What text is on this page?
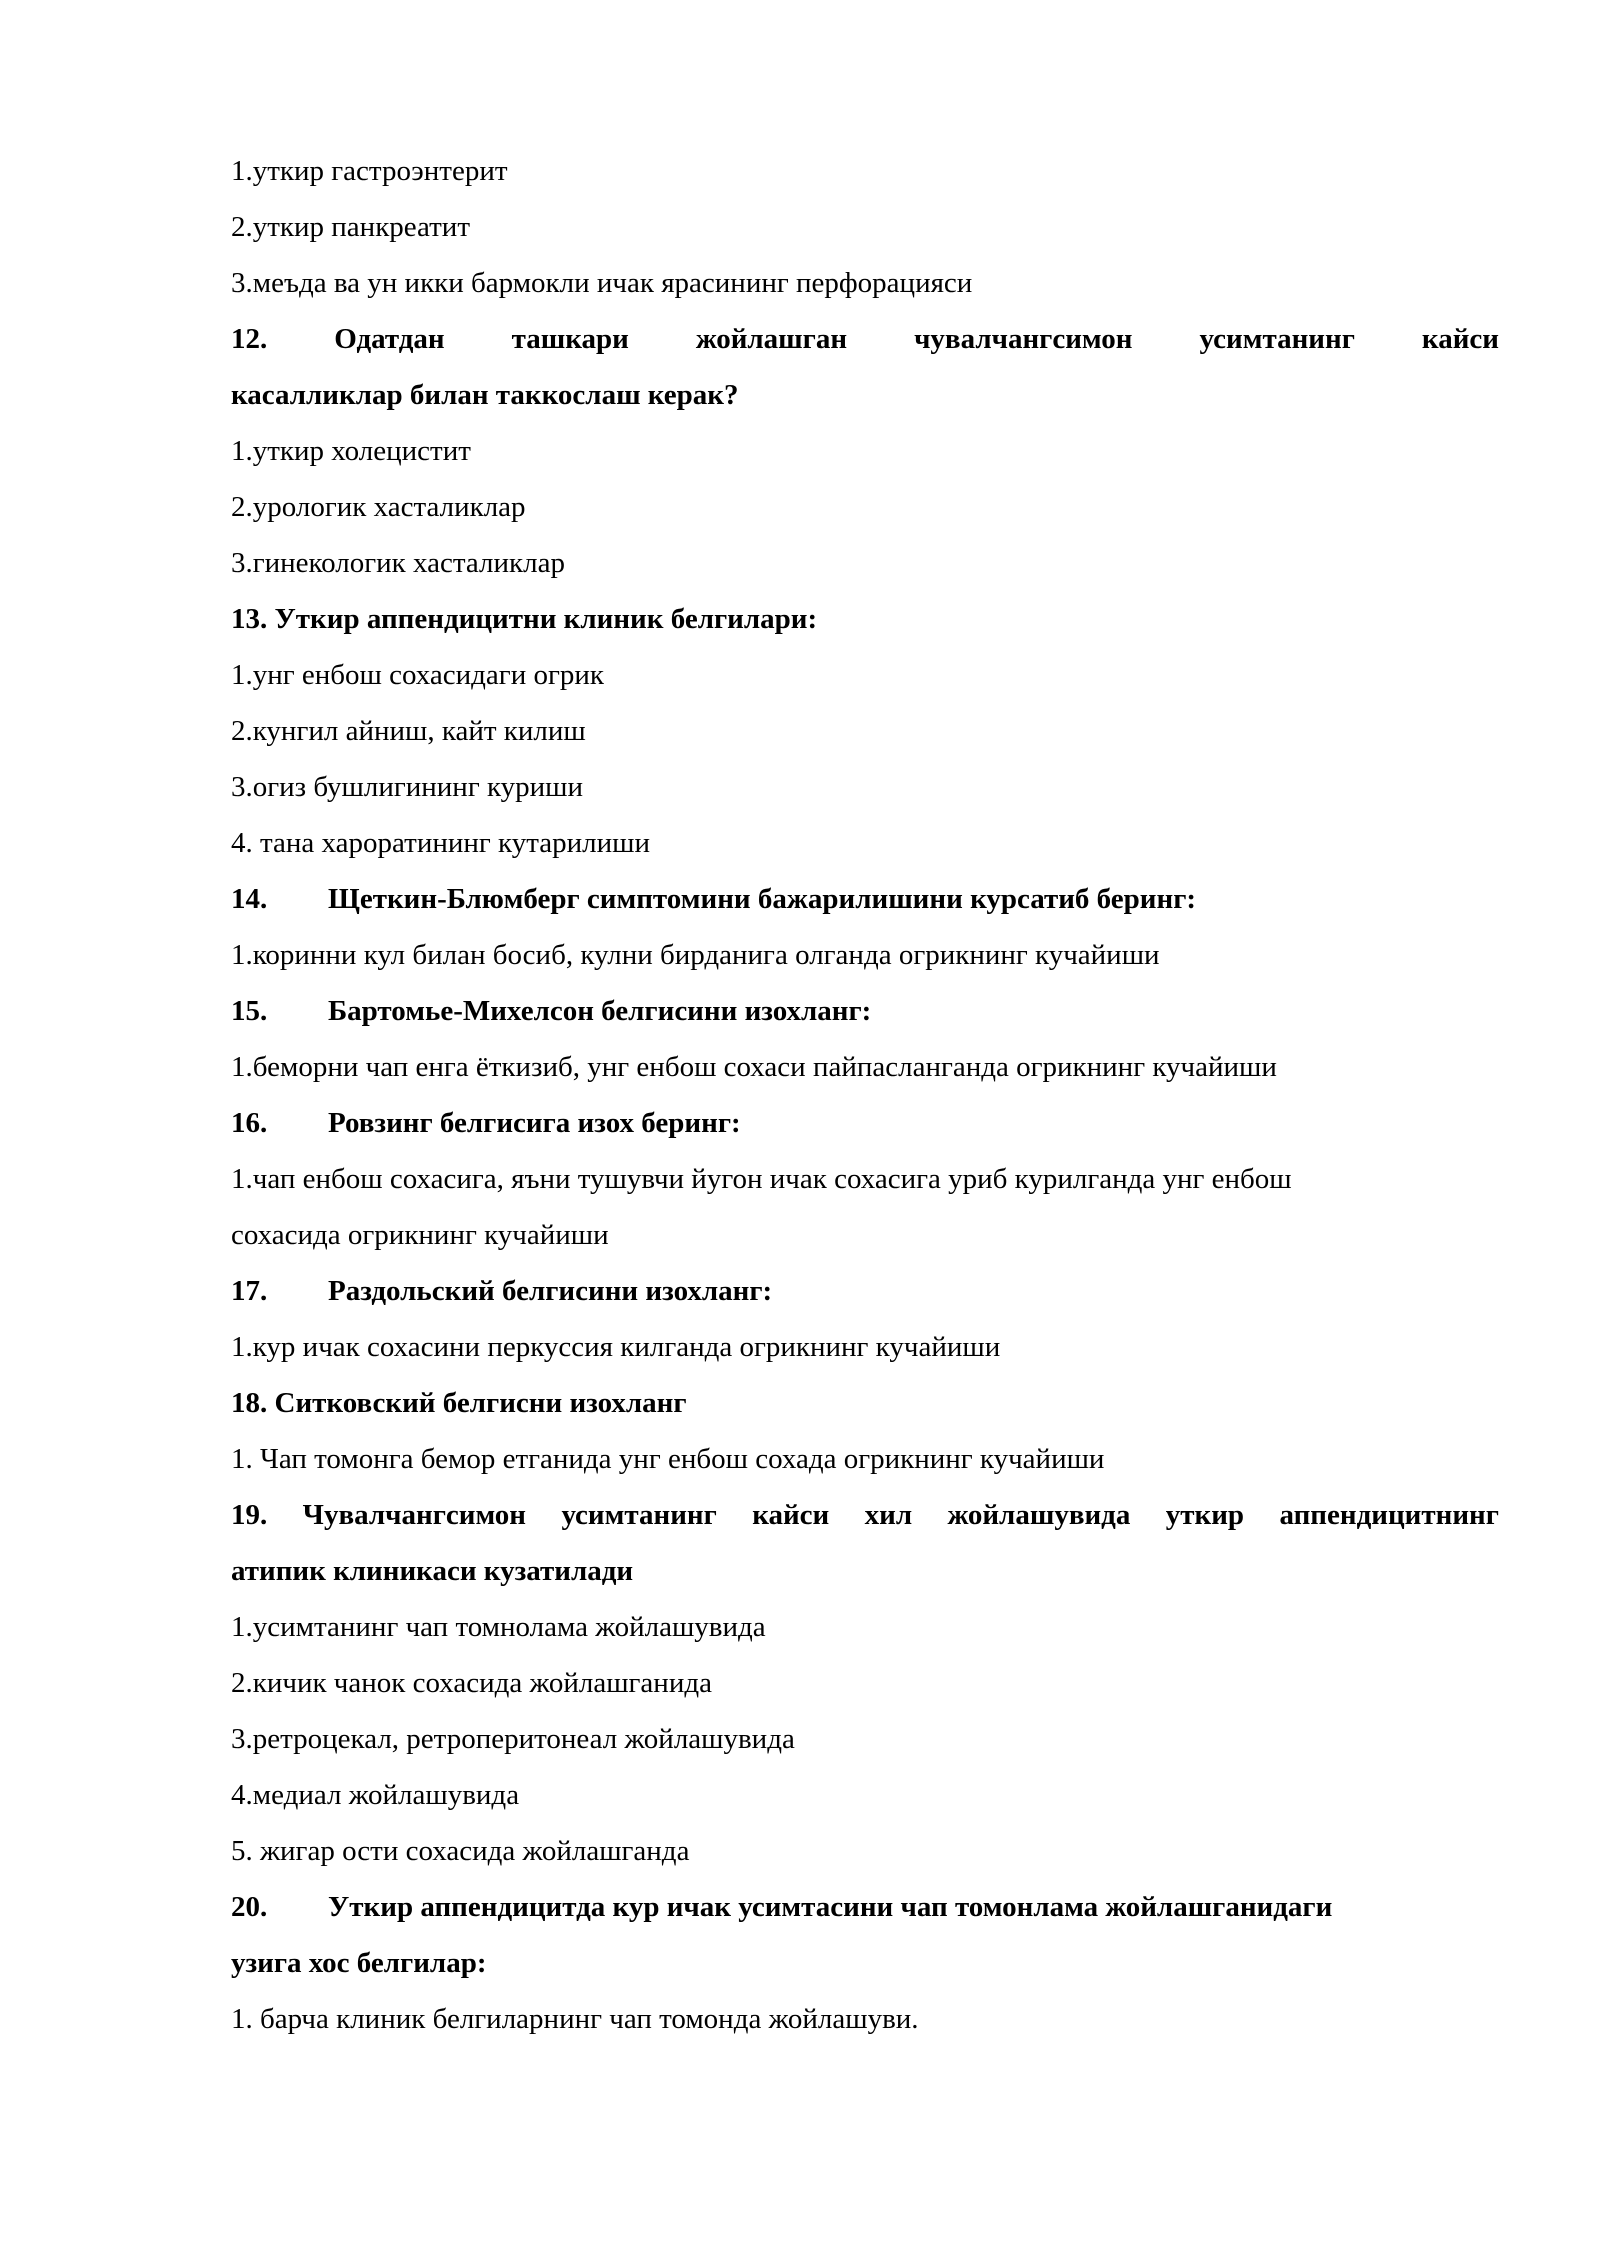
1.уткир гастроэнтерит
2.уткир панкреатит
3.меъда ва ун икки бармокли ичак ярасининг перфорацияси
12. Одатдан ташкари жойлашган чувалчангсимон усимтанинг кайси
касалликлар билан таккослаш керак?
1.уткир холецистит
2.урологик хасталиклар
3.гинекологик хасталиклар
13. Уткир аппендицитни клиник белгилари:
1.унг енбош сохасидаги огрик
2.кунгил айниш, кайт килиш
3.огиз бушлигининг куриши
4. тана хароратининг кутарилиши
14. Щеткин-Блюмберг симптомини бажарилишини курсатиб беринг:
1.коринни кул билан босиб, кулни бирданига олганда огрикнинг кучайиши
15. Бартомье-Михелсон белгисини изохланг:
1.беморни чап енга ёткизиб, унг енбош сохаси пайпасланганда огрикнинг кучайиши
16. Ровзинг белгисига изох беринг:
1.чап енбош сохасига, яъни тушувчи йугон ичак сохасига уриб курилганда унг енбош
сохасида огрикнинг кучайиши
17. Раздольский белгисини изохланг:
1.кур ичак сохасини перкуссия килганда огрикнинг кучайиши
18. Ситковский белгисни изохланг
1. Чап томонга бемор етганида унг енбош сохада огрикнинг кучайиши
19. Чувалчангсимон усимтанинг кайси хил жойлашувида уткир аппендицитнинг
атипик клиникаси кузатилади
1.усимтанинг чап томнолама жойлашувида
2.кичик чанок сохасида жойлашганида
3.ретроцекал, ретроперитонеал жойлашувида
4.медиал жойлашувида
5. жигар ости сохасида жойлашганда
20. Уткир аппендицитда кур ичак усимтасини чап томонлама жойлашганидаги
узига хос белгилар:
1. барча клиник белгиларнинг чап томонда жойлашуви.
